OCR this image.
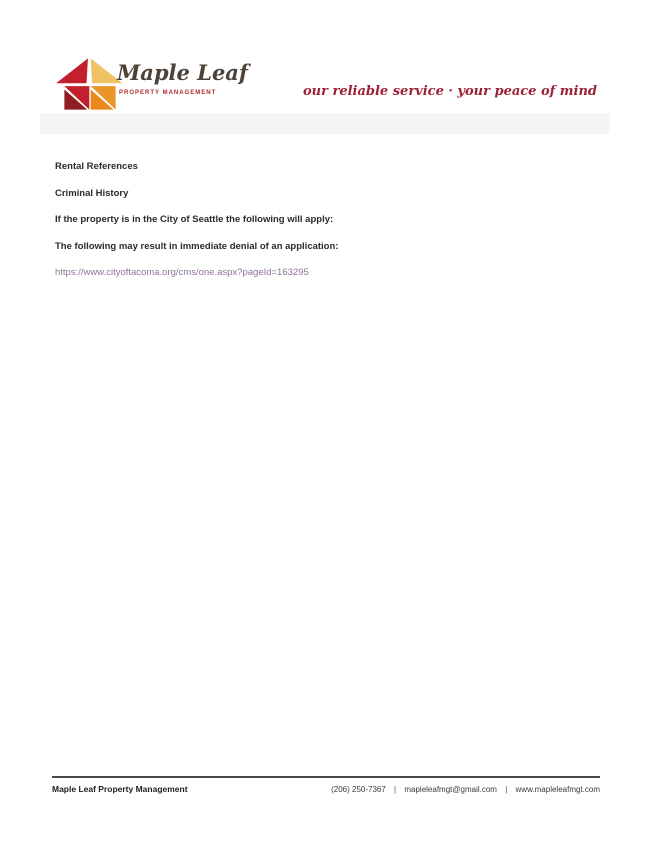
Maple Leaf
PROPERTY MANAGEMENT	our reliable service · your peace of mind
Rental References
Criminal History
If the property is in the City of Seattle the following will apply:
The following may result in immediate denial of an application:
https://www.cityoftacoma.org/cms/one.aspx?pageId=163295
Maple Leaf Property Management	(206) 250-7367 | mapleleafmgt@gmail.com | www.mapleleafmgt.com
